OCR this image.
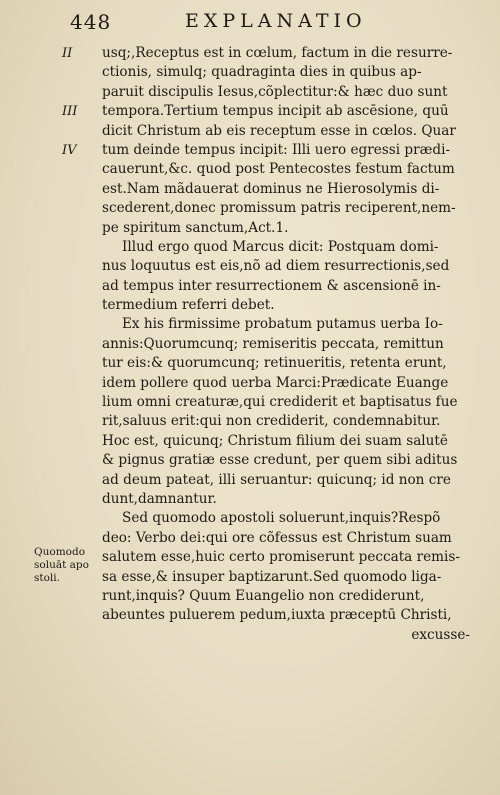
448	EXPLANATIO
II
III
IV
Quomodo
soluāt apo
stoli.
usq;,Receptus est in cœlum, factum in die resurre-
ctionis, simulq; quadraginta dies in quibus ap-
paruit discipulis Iesus,cõplectitur:& hæc duo sunt
tempora.Tertium tempus incipit ab ascēsione, quū
dicit Christum ab eis receptum esse in cœlos. Quar
tum deinde tempus incipit: Illi uero egressi prædi-
cauerunt,&c. quod post Pentecostes festum factum
est.Nam mãdauerat dominus ne Hierosolymis di-
scederent,donec promissum patris reciperent,nem-
pe spiritum sanctum,Act.1.
Illud ergo quod Marcus dicit: Postquam domi-
nus loquutus est eis,nõ ad diem resurrectionis,sed
ad tempus inter resurrectionem & ascensionē in-
termedium referri debet.
Ex his firmissime probatum putamus uerba Io-
annis:Quorumcunq; remiseritis peccata, remittun
tur eis:& quorumcunq; retinueritis, retenta erunt,
idem pollere quod uerba Marci:Prædicate Euange
lium omni creaturæ,qui crediderit et baptisatus fue
rit,saluus erit:qui non crediderit, condemnabitur.
Hoc est, quicunq; Christum filium dei suam salutē
& pignus gratiæ esse credunt, per quem sibi aditus
ad deum pateat, illi seruantur: quicunq; id non cre
dunt,damnantur.
Sed quomodo apostoli soluerunt,inquis?Respõ
deo: Verbo dei:qui ore cõfessus est Christum suam
salutem esse,huic certo promiserunt peccata remis-
sa esse,& insuper baptizarunt.Sed quomodo liga-
runt,inquis? Quum Euangelio non crediderunt,
abeuntes puluerem pedum,iuxta præceptū Christi,
excusse-
